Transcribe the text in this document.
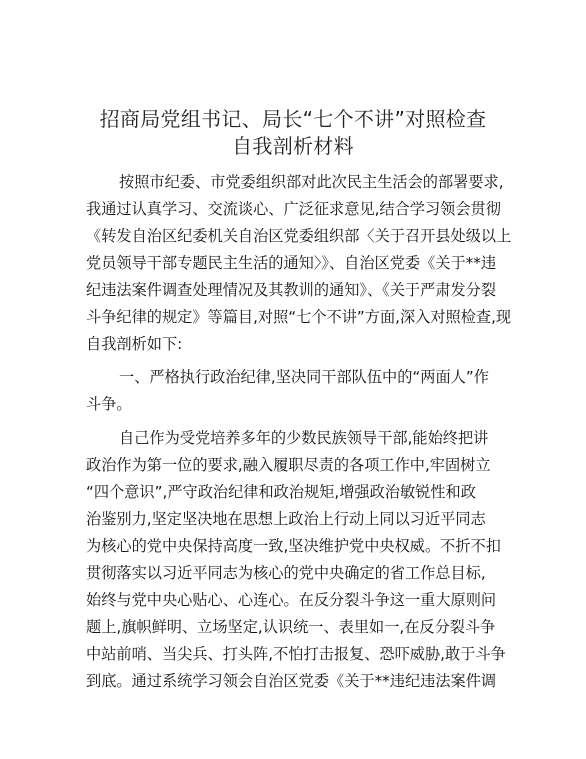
招商局党组书记、局长“七个不讲”对照检查
自我剖析材料
按照市纪委、市党委组织部对此次民主生活会的部署要求,
我通过认真学习、交流谈心、广泛征求意见,结合学习领会贯彻
《转发自治区纪委机关自治区党委组织部〈关于召开县处级以上
党员领导干部专题民主生活的通知〉》、自治区党委《关于**违
纪违法案件调查处理情况及其教训的通知》、《关于严肃发分裂
斗争纪律的规定》等篇目,对照“七个不讲”方面,深入对照检查,现
自我剖析如下:
一、严格执行政治纪律,坚决同干部队伍中的“两面人”作
斗争。
自己作为受党培养多年的少数民族领导干部,能始终把讲
政治作为第一位的要求,融入履职尽责的各项工作中,牢固树立
“四个意识”,严守政治纪律和政治规矩,增强政治敏锐性和政
治鉴别力,坚定坚决地在思想上政治上行动上同以习近平同志
为核心的党中央保持高度一致,坚决维护党中央权威。不折不扣
贯彻落实以习近平同志为核心的党中央确定的省工作总目标,
始终与党中央心贴心、心连心。在反分裂斗争这一重大原则问
题上,旗帜鲜明、立场坚定,认识统一、表里如一,在反分裂斗争
中站前哨、当尖兵、打头阵,不怕打击报复、恐吓威胁,敢于斗争
到底。通过系统学习领会自治区党委《关于**违纪违法案件调
